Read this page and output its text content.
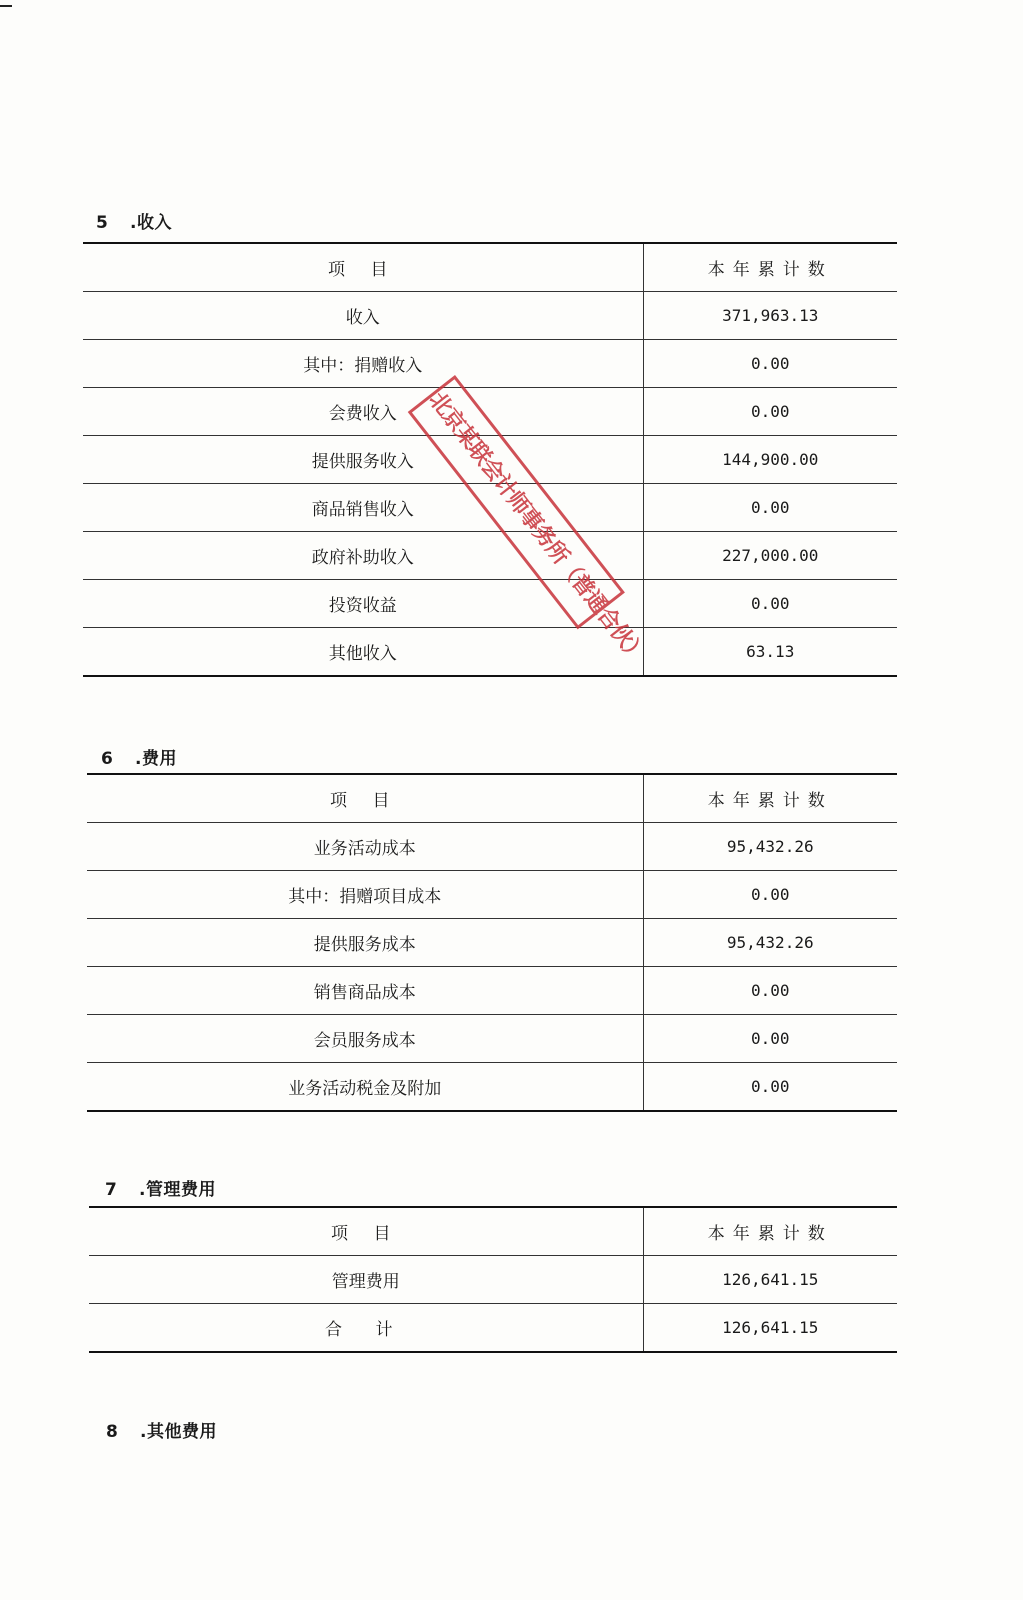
5 .收入
项 目	本年累计数
收入	371,963.13
其中：捐赠收入	0.00
会费收入	0.00
提供服务收入	144,900.00
商品销售收入	0.00
政府补助收入	227,000.00
投资收益	0.00
其他收入	63.13
6 .费用
项 目	本年累计数
业务活动成本	95,432.26
其中：捐赠项目成本	0.00
提供服务成本	95,432.26
销售商品成本	0.00
会员服务成本	0.00
业务活动税金及附加	0.00
7 .管理费用
项 目	本年累计数
管理费用	126,641.15
合 计	126,641.15
8 .其他费用
北京某联会计师事务所（普通合伙）
